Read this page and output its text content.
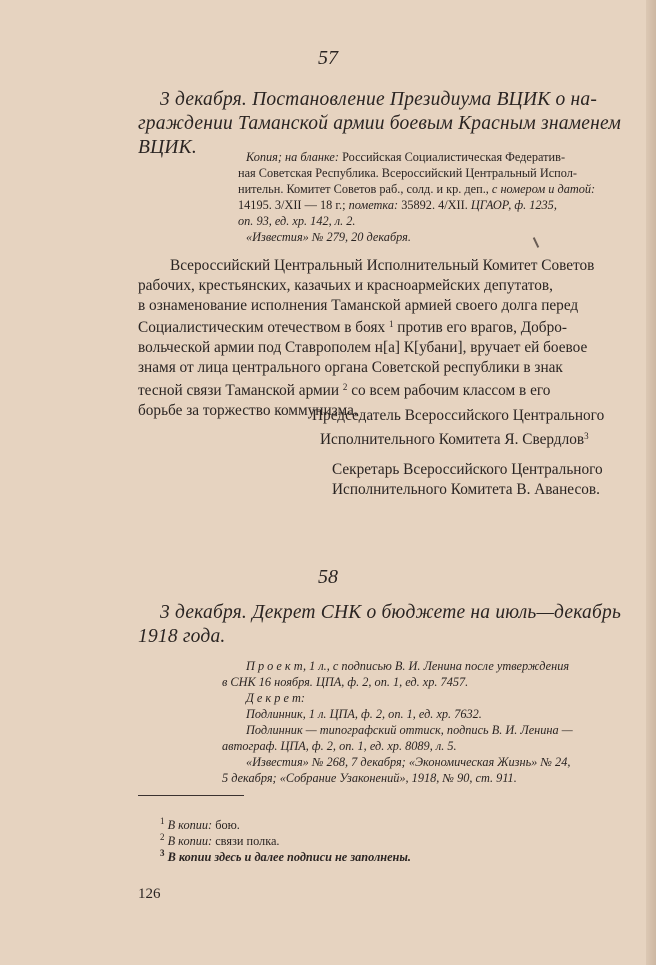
57
3 декабря. Постановление Президиума ВЦИК о на-
граждении Таманской армии боевым Красным знаменем
ВЦИК.	Копия; на бланке: Российская Социалистическая Федератив-
ная Советская Республика. Всероссийский Центральный Испол-
нительн. Комитет Советов раб., солд. и кр. деп., с номером и датой:
14195. 3/XII — 18 г.; пометка: 35892. 4/XII. ЦГАОР, ф. 1235,
оп. 93, ед. хр. 142, л. 2.
«Известия» № 279, 20 декабря.
Всероссийский Центральный Исполнительный Комитет Советов
рабочих, крестьянских, казачьих и красноармейских депутатов,
в ознаменование исполнения Таманской армией своего долга перед
Социалистическим отечеством в боях $^1$ против его врагов, Добро-
вольческой армии под Ставрополем н[а] К[убани], вручает ей боевое
знамя от лица центрального органа Советской республики в знак
тесной связи Таманской армии $^2$ со всем рабочим классом в его
борьбе за торжество коммунизма.
Председатель Всероссийского Центрального
Исполнительного Комитета Я. Свердлов$^3$
Секретарь Всероссийского Центрального
Исполнительного Комитета В. Аванесов.
58
3 декабря. Декрет СНК о бюджете на июль—декабрь
1918 года.
П р о е к т, 1 л., с подписью В. И. Ленина после утверждения
в СНК 16 ноября. ЦПА, ф. 2, оп. 1, ед. хр. 7457.
Д е к р е т:
Подлинник, 1 л. ЦПА, ф. 2, оп. 1, ед. хр. 7632.
Подлинник — типографский оттиск, подпись В. И. Ленина —
автограф. ЦПА, ф. 2, оп. 1, ед. хр. 8089, л. 5.
«Известия» № 268, 7 декабря; «Экономическая Жизнь» № 24,
5 декабря; «Собрание Узаконений», 1918, № 90, ст. 911.
$^1$ В копии: бою.
$^2$ В копии: связи полка.
$^3$ В копии здесь и далее подписи не заполнены.
126
